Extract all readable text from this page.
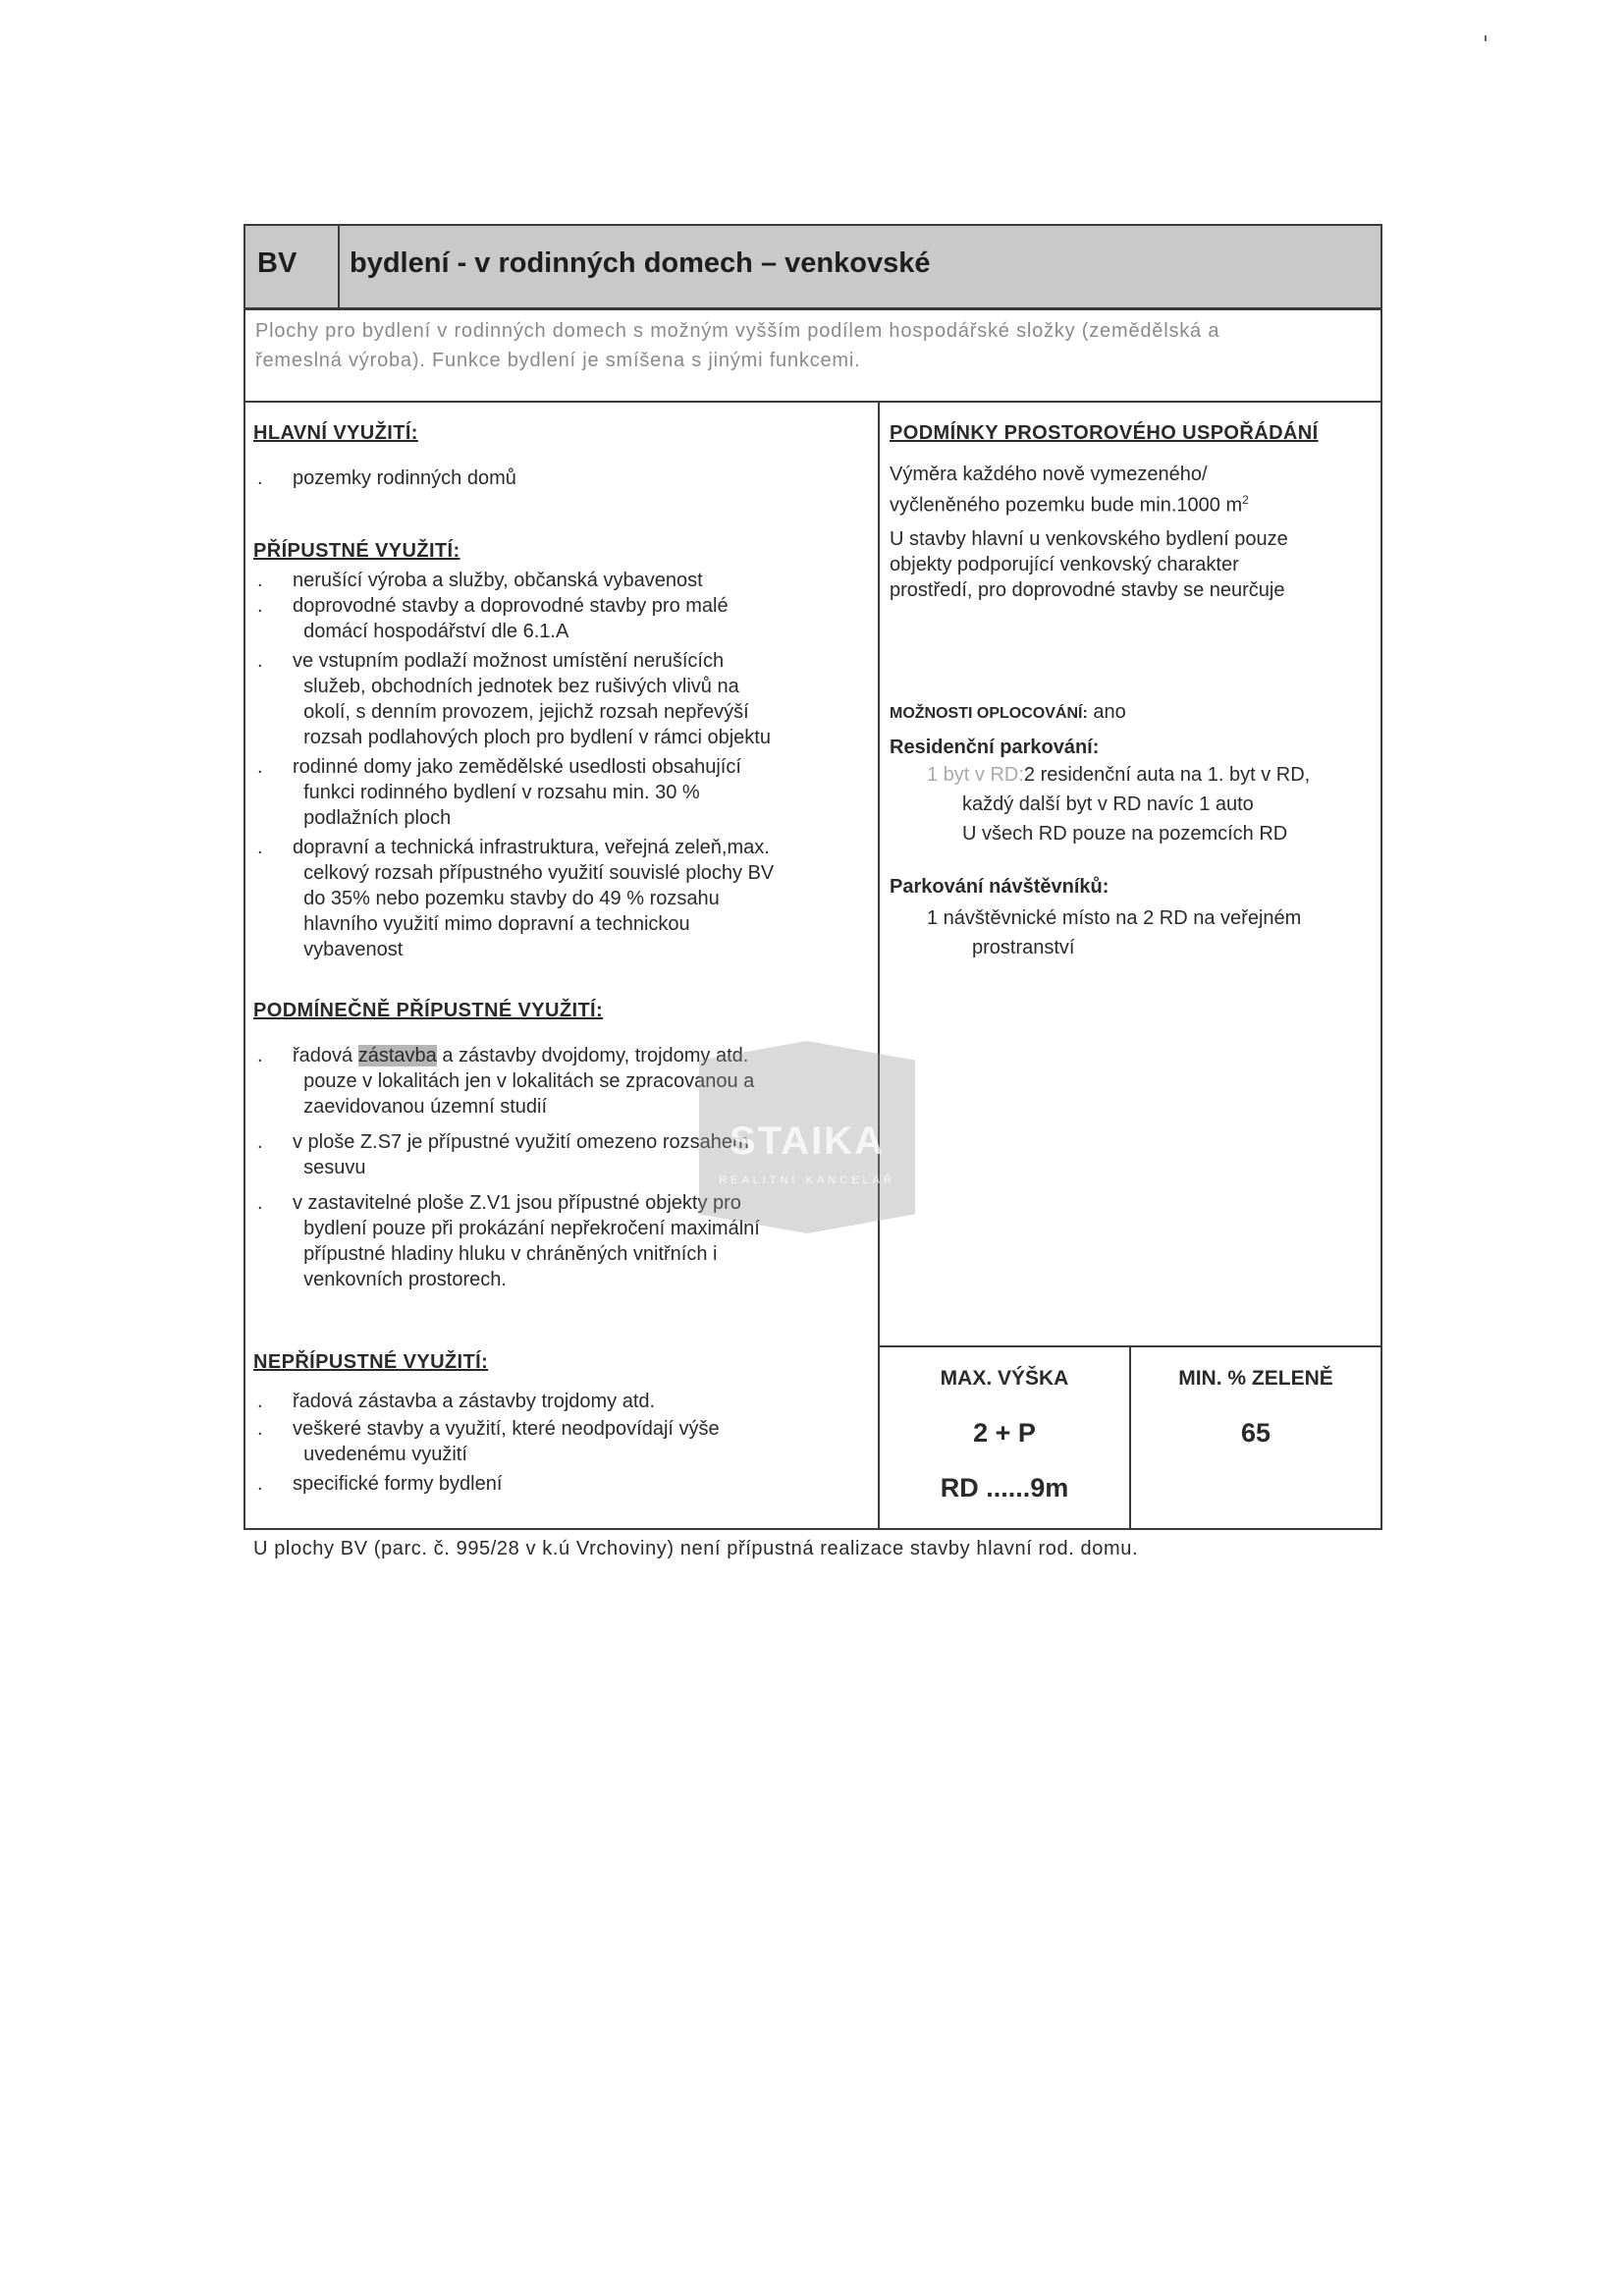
BV bydlení - v rodinných domech – venkovské

Plochy pro bydlení v rodinných domech s možným vyšším podílem hospodářské složky (zemědělská a
řemeslná výroba). Funkce bydlení je smíšena s jinými funkcemi.

HLAVNÍ VYUŽITÍ:
. pozemky rodinných domů
PŘÍPUSTNÉ VYUŽITÍ:
. nerušící výroba a služby, občanská vybavenost
. doprovodné stavby a doprovodné stavby pro malé
domácí hospodářství dle 6.1.A
. ve vstupním podlaží možnost umístění nerušících
služeb, obchodních jednotek bez rušivých vlivů na
okolí, s denním provozem, jejichž rozsah nepřevýší
rozsah podlahových ploch pro bydlení v rámci objektu
. rodinné domy jako zemědělské usedlosti obsahující
funkci rodinného bydlení v rozsahu min. 30 %
podlažních ploch
. dopravní a technická infrastruktura, veřejná zeleň,max.
celkový rozsah přípustného využití souvislé plochy BV
do 35% nebo pozemku stavby do 49 % rozsahu
hlavního využití mimo dopravní a technickou
vybavenost
PODMÍNEČNĚ PŘÍPUSTNÉ VYUŽITÍ:
. řadová zástavba a zástavby dvojdomy, trojdomy atd.
pouze v lokalitách jen v lokalitách se zpracovanou a
zaevidovanou územní studií
. v ploše Z.S7 je přípustné využití omezeno rozsahem
sesuvu
. v zastavitelné ploše Z.V1 jsou přípustné objekty pro
bydlení pouze při prokázání nepřekročení maximální
přípustné hladiny hluku v chráněných vnitřních i
venkovních prostorech.
NEPŘÍPUSTNÉ VYUŽITÍ:
. řadová zástavba a zástavby trojdomy atd.
. veškeré stavby a využití, které neodpovídají výše
uvedenému využití
. specifické formy bydlení
PODMÍNKY PROSTOROVÉHO USPOŘÁDÁNÍ
Výměra každého nově vymezeného/
vyčleněného pozemku bude min.1000 $m^2$
U stavby hlavní u venkovského bydlení pouze
objekty podporující venkovský charakter
prostředí, pro doprovodné stavby se neurčuje
MOŽNOSTI OPLOCOVÁNÍ: ano
Residenční parkování:
1 byt v RD:2 residenční auta na 1. byt v RD,
každý další byt v RD navíc 1 auto
U všech RD pouze na pozemcích RD
Parkování návštěvníků:
1 návštěvnické místo na 2 RD na veřejném
prostranství
MAX. VÝŠKA
2 + P
RD ......9m
MIN. % ZELENĚ
65
U plochy BV (parc. č. 995/28 v k.ú Vrchoviny) není přípustná realizace stavby hlavní rod. domu.
STAIKA
REALITNÍ KANCELÁŘ
